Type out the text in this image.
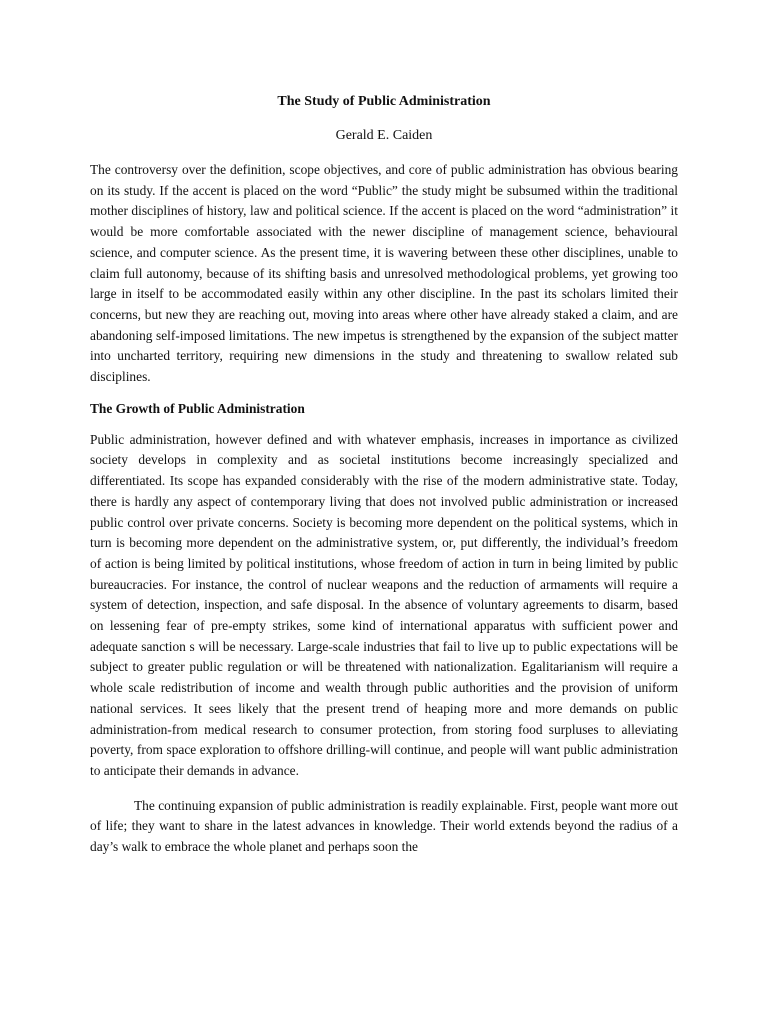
The Study of Public Administration
Gerald E. Caiden

The controversy over the definition, scope objectives, and core of public administration has obvious bearing on its study. If the accent is placed on the word “Public” the study might be subsumed within the traditional mother disciplines of history, law and political science. If the accent is placed on the word “administration” it would be more comfortable associated with the newer discipline of management science, behavioural science, and computer science. As the present time, it is wavering between these other disciplines, unable to claim full autonomy, because of its shifting basis and unresolved methodological problems, yet growing too large in itself to be accommodated easily within any other discipline. In the past its scholars limited their concerns, but new they are reaching out, moving into areas where other have already staked a claim, and are abandoning self-imposed limitations. The new impetus is strengthened by the expansion of the subject matter into uncharted territory, requiring new dimensions in the study and threatening to swallow related sub disciplines.

The Growth of Public Administration

Public administration, however defined and with whatever emphasis, increases in importance as civilized society develops in complexity and as societal institutions become increasingly specialized and differentiated. Its scope has expanded considerably with the rise of the modern administrative state. Today, there is hardly any aspect of contemporary living that does not involved public administration or increased public control over private concerns. Society is becoming more dependent on the political systems, which in turn is becoming more dependent on the administrative system, or, put differently, the individual’s freedom of action is being limited by political institutions, whose freedom of action in turn in being limited by public bureaucracies. For instance, the control of nuclear weapons and the reduction of armaments will require a system of detection, inspection, and safe disposal. In the absence of voluntary agreements to disarm, based on lessening fear of pre-empty strikes, some kind of international apparatus with sufficient power and adequate sanction s will be necessary. Large-scale industries that fail to live up to public expectations will be subject to greater public regulation or will be threatened with nationalization. Egalitarianism will require a whole scale redistribution of income and wealth through public authorities and the provision of uniform national services. It sees likely that the present trend of heaping more and more demands on public administration-from medical research to consumer protection, from storing food surpluses to alleviating poverty, from space exploration to offshore drilling-will continue, and people will want public administration to anticipate their demands in advance.

The continuing expansion of public administration is readily explainable. First, people want more out of life; they want to share in the latest advances in knowledge. Their world extends beyond the radius of a day’s walk to embrace the whole planet and perhaps soon the
